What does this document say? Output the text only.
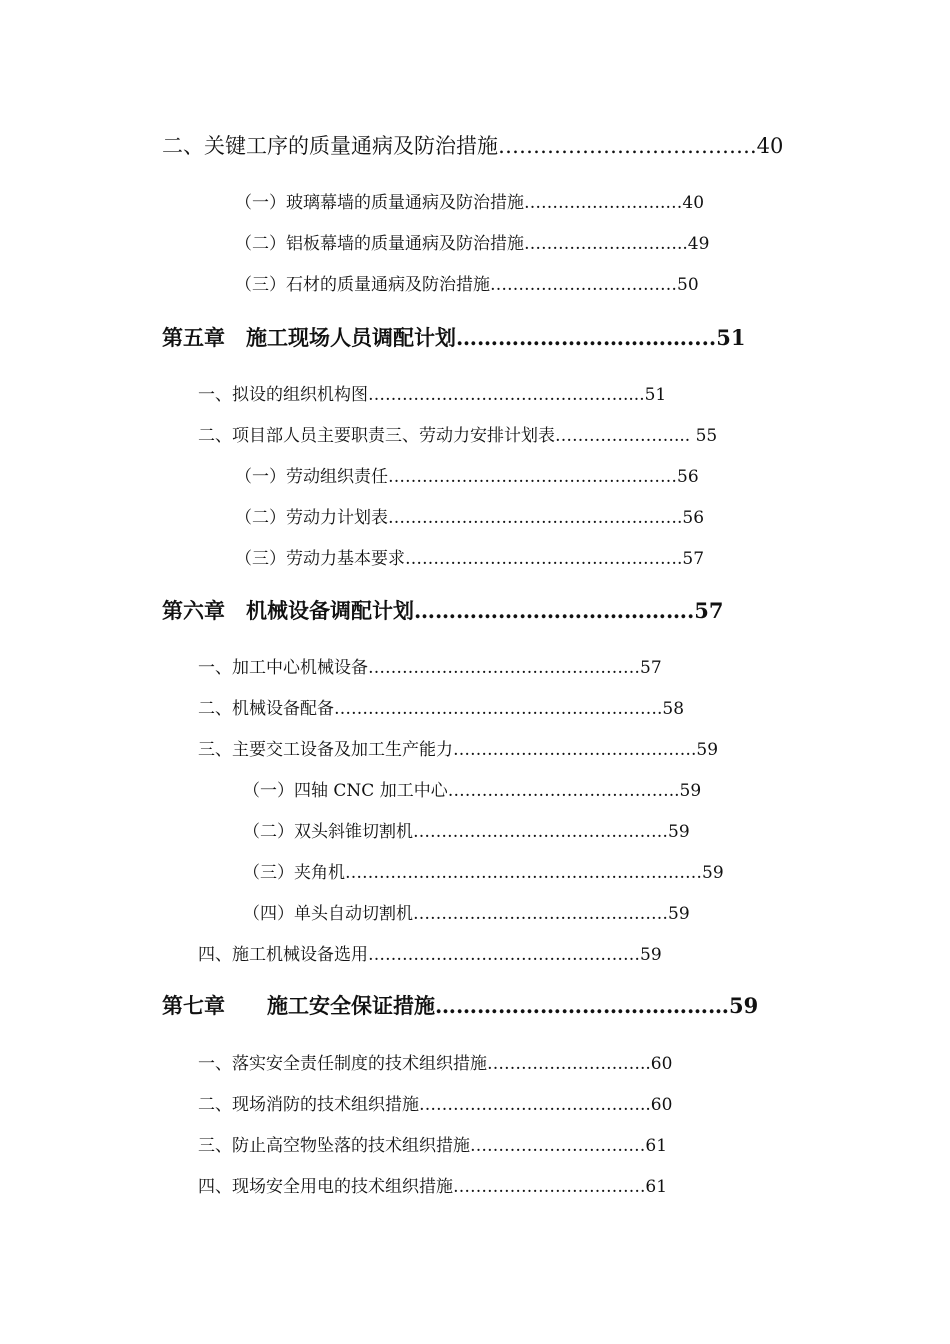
二、关键工序的质量通病及防治措施……………………………….40
（一）玻璃幕墙的质量通病及防治措施…………………….…40
（二）铝板幕墙的质量通病及防治措施………………………..49
（三）石材的质量通病及防治措施……………………………50
第五章　施工现场人员调配计划……………………………....51
一、拟设的组织机构图………………………………………....51
二、项目部人员主要职责三、劳动力安排计划表…………………... 55
（一）劳动组织责任……………………………………………56
（二）劳动力计划表…………………………………………….56
（三）劳动力基本要求………………………………………….57
第六章　机械设备调配计划………………………………….57
一、加工中心机械设备…………………………………………57
二、机械设备配备………………………………………………….58
三、主要交工设备及加工生产能力…………………………………….59
（一）四轴 CNC 加工中心…………………………………..59
（二）双头斜锥切割机………………………………………59
（三）夹角机………………………………………………………59
（四）单头自动切割机………………………………………59
四、施工机械设备选用…………………………………………59
第七章　　施工安全保证措施……………………………………59
一、落实安全责任制度的技术组织措施………………………..60
二、现场消防的技术组织措施…………………………………..60
三、防止高空物坠落的技术组织措施……………………….…61
四、现场安全用电的技术组织措施…………………………….61
